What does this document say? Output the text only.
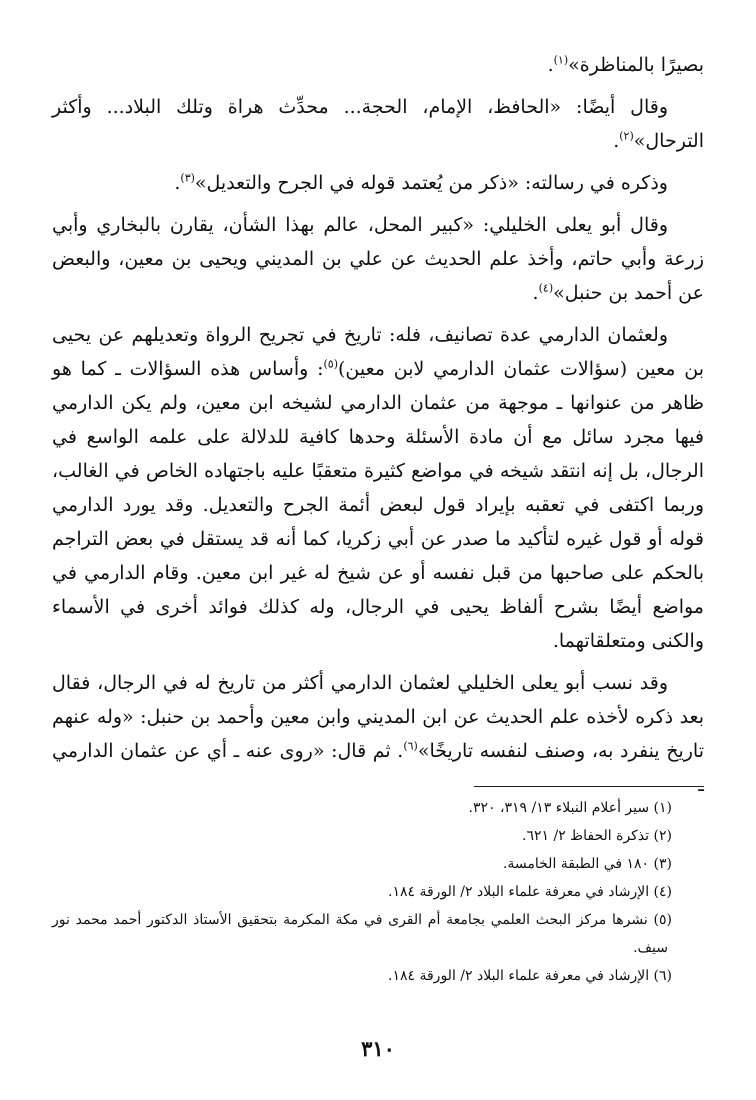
بصيرًا بالمناظرة»$^{(١)}$.

وقال أيضًا: «الحافظ، الإمام، الحجة... محدِّث هراة وتلك البلاد... وأكثر الترحال»$^{(٢)}$.

وذكره في رسالته: «ذكر من يُعتمد قوله في الجرح والتعديل»$^{(٣)}$.

وقال أبو يعلى الخليلي: «كبير المحل، عالم بهذا الشأن، يقارن بالبخاري وأبي زرعة وأبي حاتم، وأخذ علم الحديث عن علي بن المديني ويحيى بن معين، والبعض عن أحمد بن حنبل»$^{(٤)}$.

ولعثمان الدارمي عدة تصانيف، فله: تاريخ في تجريح الرواة وتعديلهم عن يحيى بن معين (سؤالات عثمان الدارمي لابن معين)$^{(٥)}$: وأساس هذه السؤالات ـ كما هو ظاهر من عنوانها ـ موجهة من عثمان الدارمي لشيخه ابن معين، ولم يكن الدارمي فيها مجرد سائل مع أن مادة الأسئلة وحدها كافية للدلالة على علمه الواسع في الرجال، بل إنه انتقد شيخه في مواضع كثيرة متعقبًا عليه باجتهاده الخاص في الغالب، وربما اكتفى في تعقبه بإيراد قول لبعض أئمة الجرح والتعديل. وقد يورد الدارمي قوله أو قول غيره لتأكيد ما صدر عن أبي زكريا، كما أنه قد يستقل في بعض التراجم بالحكم على صاحبها من قبل نفسه أو عن شيخ له غير ابن معين. وقام الدارمي في مواضع أيضًا بشرح ألفاظ يحيى في الرجال، وله كذلك فوائد أخرى في الأسماء والكنى ومتعلقاتهما.

وقد نسب أبو يعلى الخليلي لعثمان الدارمي أكثر من تاريخ له في الرجال، فقال بعد ذكره لأخذه علم الحديث عن ابن المديني وابن معين وأحمد بن حنبل: «وله عنهم تاريخ ينفرد به، وصنف لنفسه تاريخًا»$^{(٦)}$. ثم قال: «روى عنه ـ أي عن عثمان الدارمي ـ

(١) سير أعلام النبلاء ١٣/ ٣١٩، ٣٢٠.

(٢) تذكرة الحفاظ ٢/ ٦٢١.

(٣) ١٨٠ في الطبقة الخامسة.

(٤) الإرشاد في معرفة علماء البلاد ٢/ الورقة ١٨٤.

(٥) نشرها مركز البحث العلمي بجامعة أم القرى في مكة المكرمة بتحقيق الأستاذ الدكتور أحمد محمد نور سيف.

(٦) الإرشاد في معرفة علماء البلاد ٢/ الورقة ١٨٤.

٣١٠
